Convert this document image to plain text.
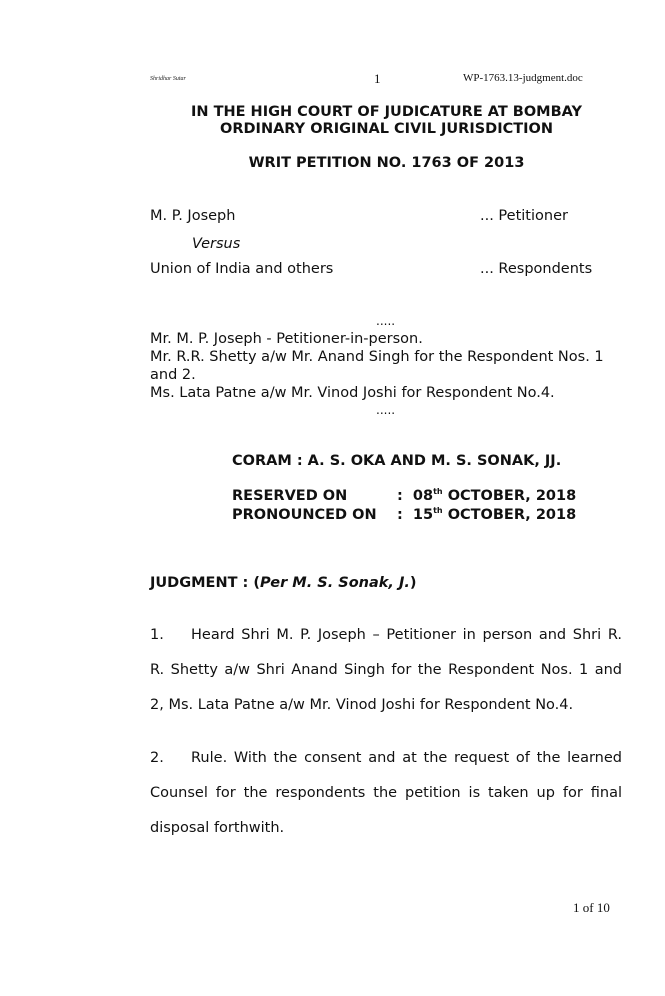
Shridhar Sutar	1	WP-1763.13-judgment.doc
IN THE HIGH COURT OF JUDICATURE AT BOMBAY
ORDINARY ORIGINAL CIVIL JURISDICTION
WRIT PETITION NO. 1763 OF 2013
M. P. Joseph	... Petitioner
Versus
Union of India and others	... Respondents
.....
Mr. M. P. Joseph - Petitioner-in-person.
Mr. R.R. Shetty a/w Mr. Anand Singh for the Respondent Nos. 1 and 2.
Ms. Lata Patne a/w Mr. Vinod Joshi for Respondent No.4.
.....
CORAM : A. S. OKA AND M. S. SONAK, JJ.
RESERVED ON	: 08th OCTOBER, 2018
PRONOUNCED ON : 15th OCTOBER, 2018
JUDGMENT : (Per M. S. Sonak, J.)
1. Heard Shri M. P. Joseph – Petitioner in person and Shri R.
R. Shetty a/w Shri Anand Singh for the Respondent Nos. 1 and
2, Ms. Lata Patne a/w Mr. Vinod Joshi for Respondent No.4.
2. Rule. With the consent and at the request of the learned
Counsel for the respondents the petition is taken up for final
disposal forthwith.
1 of 10
